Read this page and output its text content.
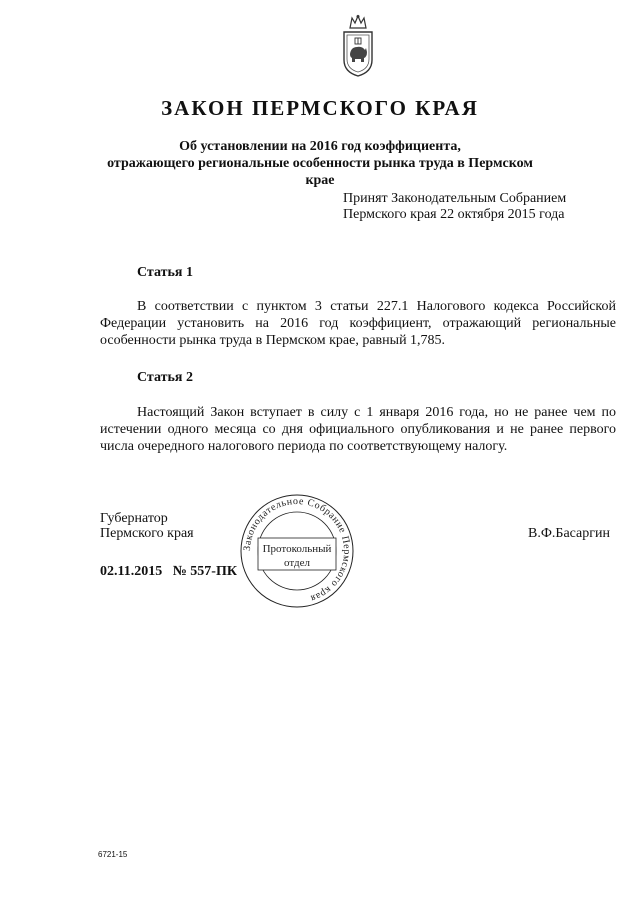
ЗАКОН ПЕРМСКОГО КРАЯ
Об установлении на 2016 год коэффициента,
отражающего региональные особенности рынка труда в Пермском крае
Принят Законодательным Собранием
Пермского края 22 октября 2015 года
Статья 1
В соответствии с пунктом 3 статьи 227.1 Налогового кодекса Российской Федерации установить на 2016 год коэффициент, отражающий региональные особенности рынка труда в Пермском крае, равный 1,785.
Статья 2
Настоящий Закон вступает в силу с 1 января 2016 года, но не ранее чем по истечении одного месяца со дня официального опубликования и не ранее первого числа очередного налогового периода по соответствующему налогу.
Губернатор
Пермского края	В.Ф.Басаргин
02.11.2015 № 557-ПК
Законодательное Собрание Пермского края
Протокольный
отдел
6721-15
